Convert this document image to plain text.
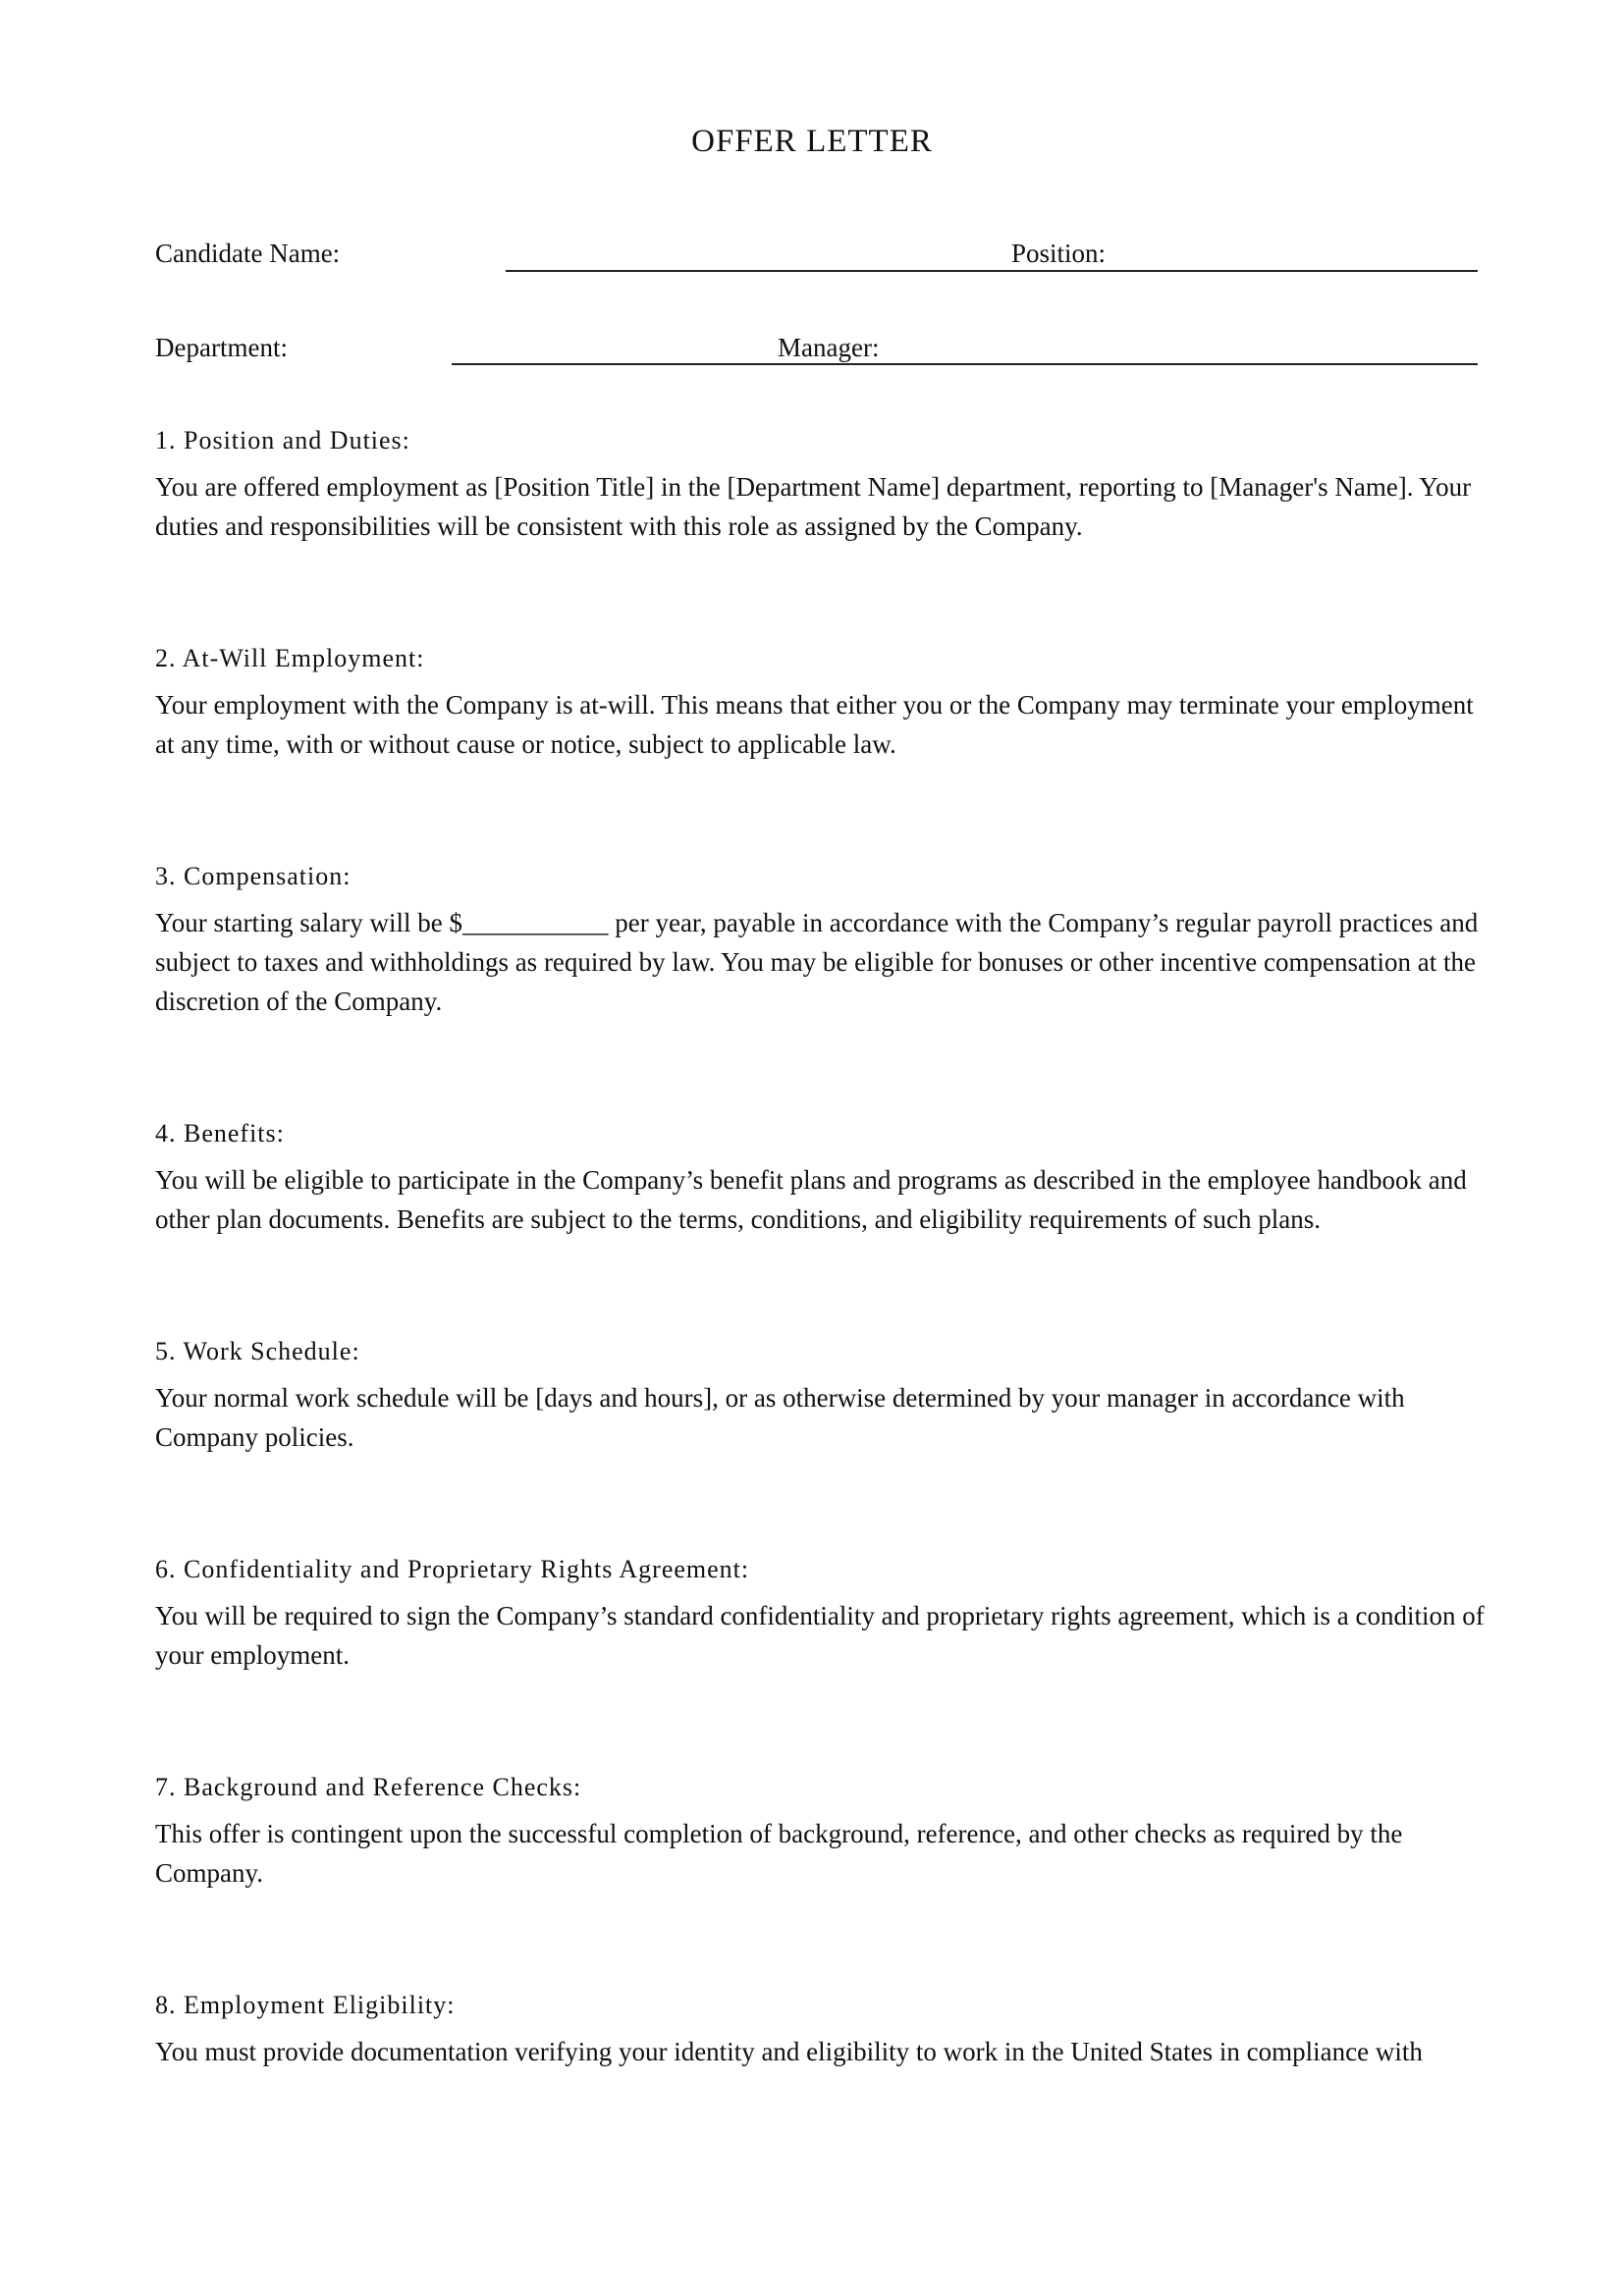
OFFER LETTER
Candidate Name:	Position:
Department:	Manager:

1. Position and Duties:

You are offered employment as [Position Title] in the [Department Name] department, reporting to [Manager's Name]. Your duties and responsibilities will be consistent with this role as assigned by the Company.

2. At-Will Employment:

Your employment with the Company is at-will. This means that either you or the Company may terminate your employment at any time, with or without cause or notice, subject to applicable law.

3. Compensation:

Your starting salary will be $___________ per year, payable in accordance with the Company’s regular payroll practices and subject to taxes and withholdings as required by law. You may be eligible for bonuses or other incentive compensation at the discretion of the Company.

4. Benefits:

You will be eligible to participate in the Company’s benefit plans and programs as described in the employee handbook and other plan documents. Benefits are subject to the terms, conditions, and eligibility requirements of such plans.

5. Work Schedule:

Your normal work schedule will be [days and hours], or as otherwise determined by your manager in accordance with Company policies.

6. Confidentiality and Proprietary Rights Agreement:

You will be required to sign the Company’s standard confidentiality and proprietary rights agreement, which is a condition of your employment.

7. Background and Reference Checks:

This offer is contingent upon the successful completion of background, reference, and other checks as required by the Company.

8. Employment Eligibility:

You must provide documentation verifying your identity and eligibility to work in the United States in compliance with
